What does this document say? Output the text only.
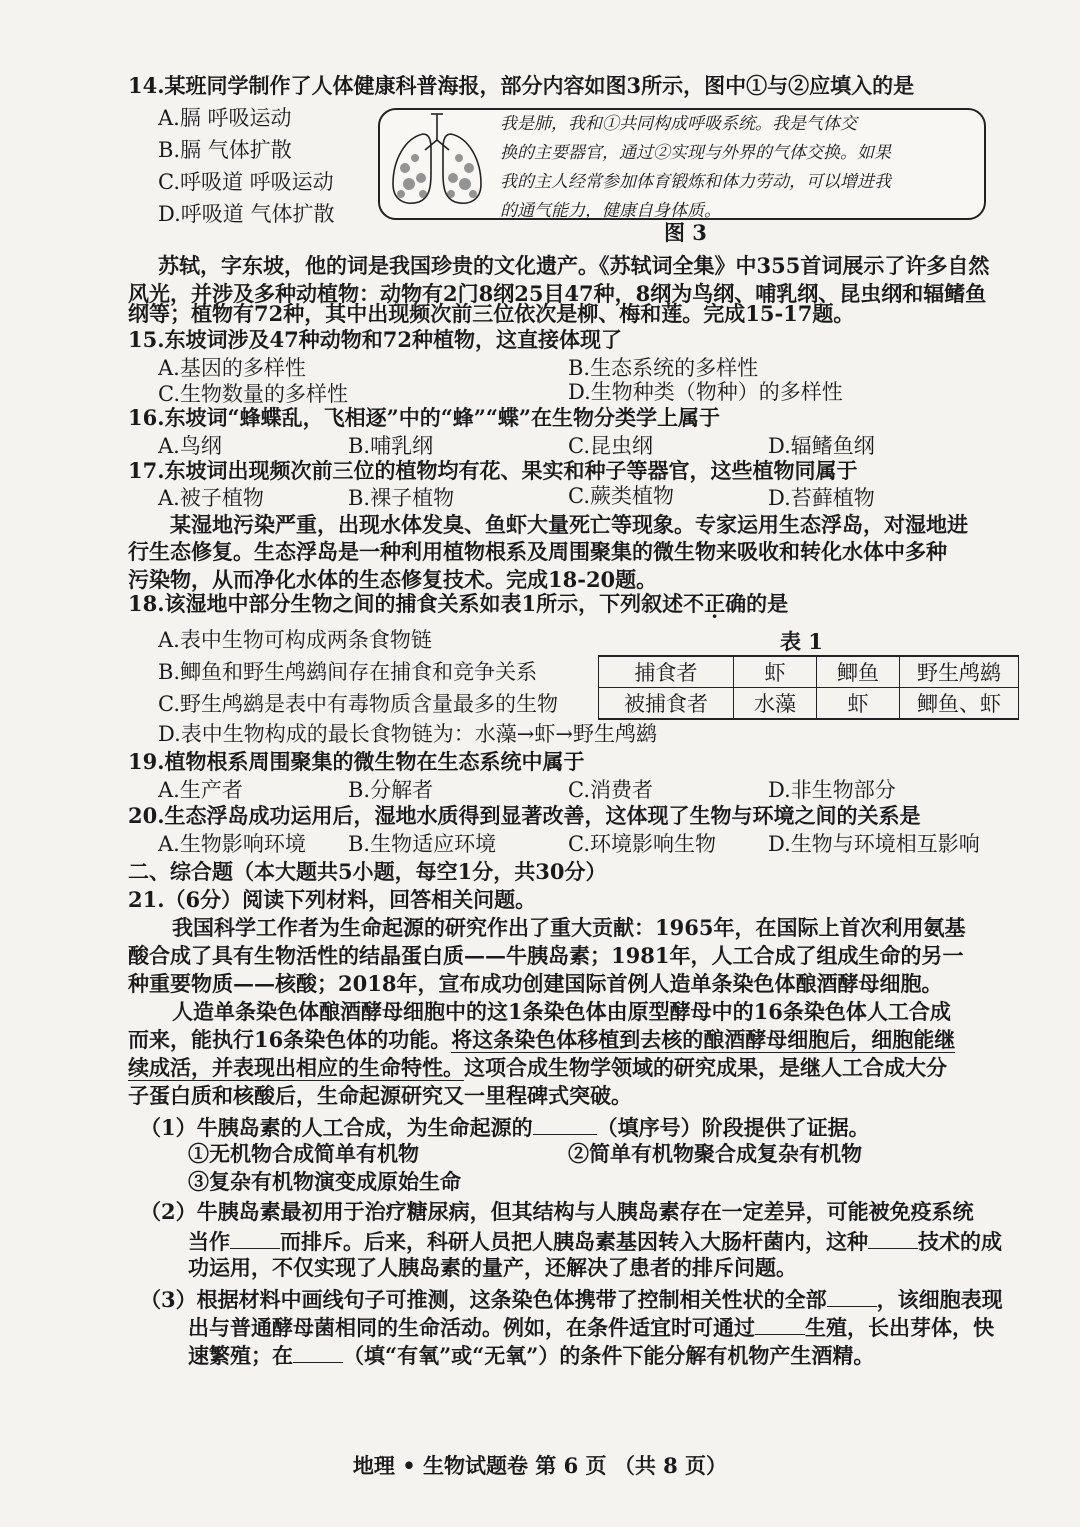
14.某班同学制作了人体健康科普海报，部分内容如图3所示，图中①与②应填入的是
A.膈 呼吸运动
B.膈 气体扩散
C.呼吸道 呼吸运动
D.呼吸道 气体扩散
我是肺，我和①共同构成呼吸系统。我是气体交
换的主要器官，通过②实现与外界的气体交换。如果
我的主人经常参加体育锻炼和体力劳动，可以增进我
的通气能力，健康自身体质。
图 3
苏轼，字东坡，他的词是我国珍贵的文化遗产。《苏轼词全集》中355首词展示了许多自然
风光，并涉及多种动植物：动物有2门8纲25目47种，8纲为鸟纲、哺乳纲、昆虫纲和辐鳍鱼
纲等；植物有72种，其中出现频次前三位依次是柳、梅和莲。完成15-17题。
15.东坡词涉及47种动物和72种植物，这直接体现了
A.基因的多样性	B.生态系统的多样性
C.生物数量的多样性	D.生物种类（物种）的多样性
16.东坡词“蜂蝶乱，飞相逐”中的“蜂”“蝶”在生物分类学上属于
A.鸟纲	B.哺乳纲	C.昆虫纲	D.辐鳍鱼纲
17.东坡词出现频次前三位的植物均有花、果实和种子等器官，这些植物同属于
A.被子植物	B.裸子植物	C.蕨类植物	D.苔藓植物
某湿地污染严重，出现水体发臭、鱼虾大量死亡等现象。专家运用生态浮岛，对湿地进
行生态修复。生态浮岛是一种利用植物根系及周围聚集的微生物来吸收和转化水体中多种
污染物，从而净化水体的生态修复技术。完成18-20题。
18.该湿地中部分生物之间的捕食关系如表1所示，下列叙述不正确的是
A.表中生物可构成两条食物链	表 1
B.鲫鱼和野生鸬鹚间存在捕食和竞争关系
C.野生鸬鹚是表中有毒物质含量最多的生物
D.表中生物构成的最长食物链为：水藻→虾→野生鸬鹚
捕食者	虾	鲫鱼	野生鸬鹚
被捕食者	水藻	虾	鲫鱼、虾
19.植物根系周围聚集的微生物在生态系统中属于
A.生产者	B.分解者	C.消费者	D.非生物部分
20.生态浮岛成功运用后，湿地水质得到显著改善，这体现了生物与环境之间的关系是
A.生物影响环境 B.生物适应环境	C.环境影响生物 D.生物与环境相互影响
二、综合题（本大题共5小题，每空1分，共30分）
21.（6分）阅读下列材料，回答相关问题。
我国科学工作者为生命起源的研究作出了重大贡献：1965年，在国际上首次利用氨基
酸合成了具有生物活性的结晶蛋白质——牛胰岛素；1981年，人工合成了组成生命的另一
种重要物质——核酸；2018年，宣布成功创建国际首例人造单条染色体酿酒酵母细胞。
人造单条染色体酿酒酵母细胞中的这1条染色体由原型酵母中的16条染色体人工合成
而来，能执行16条染色体的功能。将这条染色体移植到去核的酿酒酵母细胞后，细胞能继
续成活，并表现出相应的生命特性。这项合成生物学领域的研究成果，是继人工合成大分
子蛋白质和核酸后，生命起源研究又一里程碑式突破。
（1）牛胰岛素的人工合成，为生命起源的	（填序号）阶段提供了证据。
①无机物合成简单有机物	②简单有机物聚合成复杂有机物
③复杂有机物演变成原始生命
（2）牛胰岛素最初用于治疗糖尿病，但其结构与人胰岛素存在一定差异，可能被免疫系统
当作 而排斥。后来，科研人员把人胰岛素基因转入大肠杆菌内，这种 技术的成
功运用，不仅实现了人胰岛素的量产，还解决了患者的排斥问题。
（3）根据材料中画线句子可推测，这条染色体携带了控制相关性状的全部 ，该细胞表现
出与普通酵母菌相同的生命活动。例如，在条件适宜时可通过 生殖，长出芽体，快
速繁殖；在 （填“有氧”或“无氧”）的条件下能分解有机物产生酒精。
地理 • 生物试题卷 第 6 页 （共 8 页）
